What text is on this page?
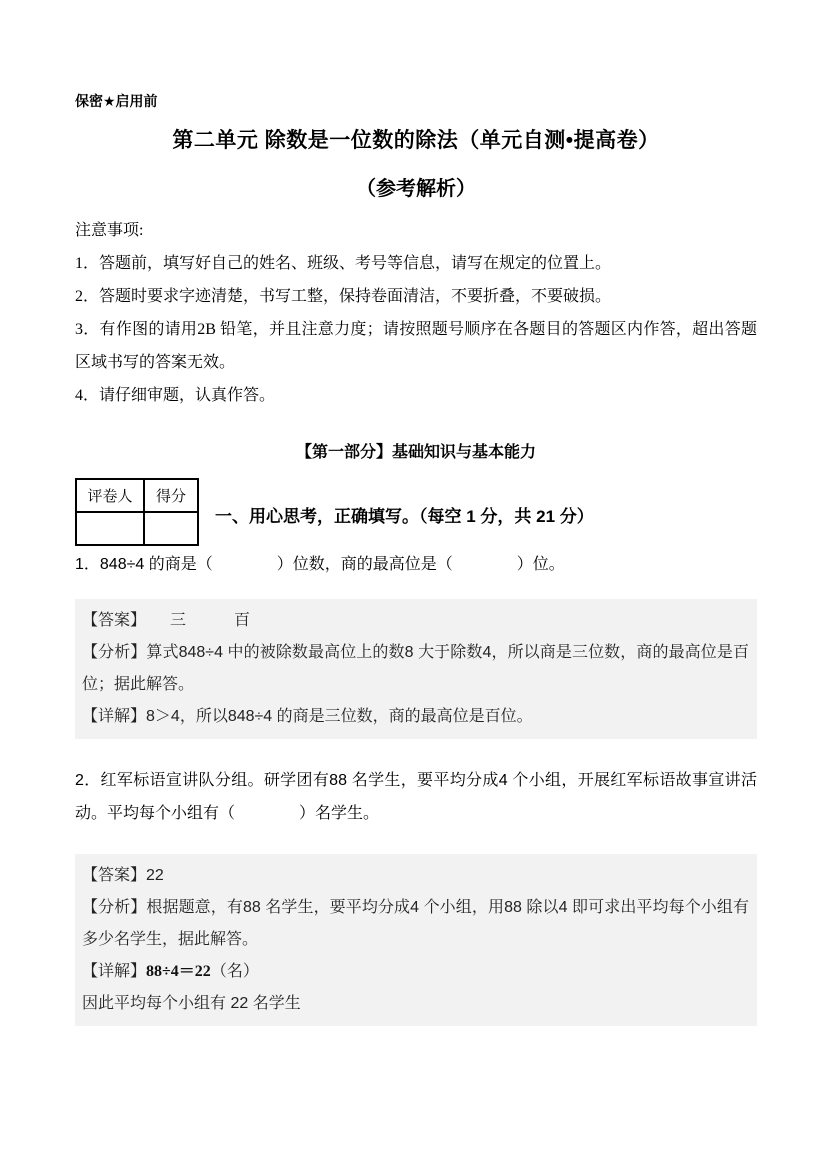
保密★启用前
第二单元 除数是一位数的除法（单元自测•提高卷）
（参考解析）

注意事项:

1．答题前，填写好自己的姓名、班级、考号等信息，请写在规定的位置上。

2．答题时要求字迹清楚，书写工整，保持卷面清洁，不要折叠，不要破损。

3．有作图的请用2B 铅笔，并且注意力度；请按照题号顺序在各题目的答题区内作答，超出答题区域书写的答案无效。

4．请仔细审题，认真作答。

【第一部分】基础知识与基本能力
评卷人	得分

一、用心思考，正确填写。（每空 1 分，共 21 分）

1．848÷4 的商是（　　　　）位数，商的最高位是（　　　　）位。

【答案】　　三　　　百

【分析】算式848÷4 中的被除数最高位上的数8 大于除数4，所以商是三位数，商的最高位是百位；据此解答。

【详解】8＞4，所以848÷4 的商是三位数，商的最高位是百位。

2．红军标语宣讲队分组。研学团有88 名学生，要平均分成4 个小组，开展红军标语故事宣讲活动。平均每个小组有（　　　　）名学生。

【答案】22

【分析】根据题意，有88 名学生，要平均分成4 个小组，用88 除以4 即可求出平均每个小组有多少名学生，据此解答。

【详解】88÷4＝22（名）

因此平均每个小组有 22 名学生
